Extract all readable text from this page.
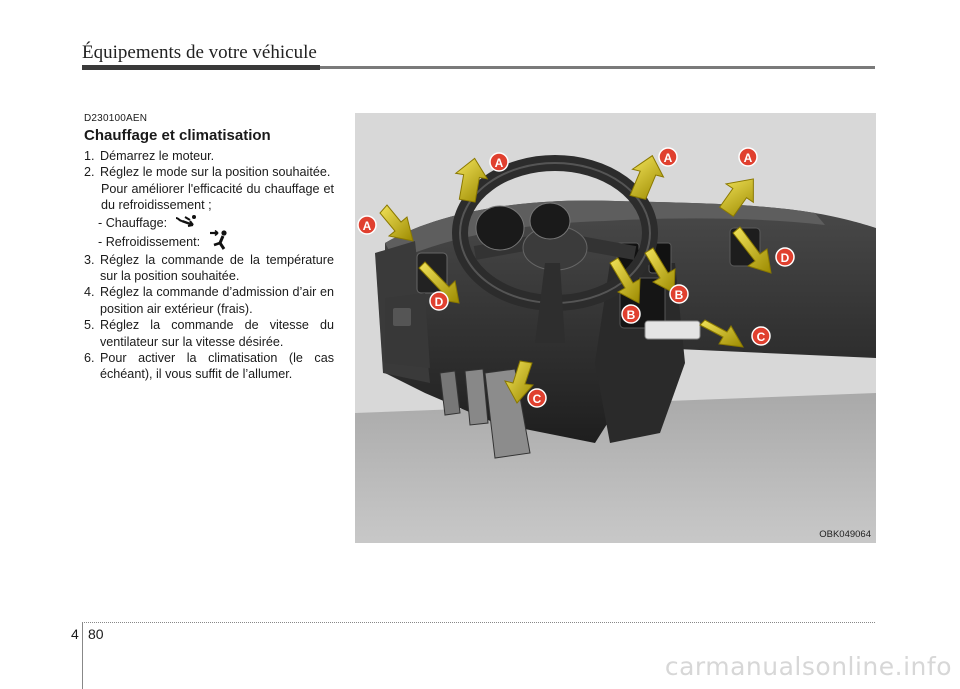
Équipements de votre véhicule
D230100AEN
Chauffage et climatisation
1. Démarrez le moteur.
2. Réglez le mode sur la position souhaitée.
Pour améliorer l'efficacité du chauffage et du refroidissement ;
- Chauffage:
- Refroidissement:
3. Réglez la commande de la température sur la position souhaitée.
4. Réglez la commande d’admission d’air en position air extérieur (frais).
5. Réglez la commande de vitesse du ventilateur sur la vitesse désirée.
6. Pour activer la climatisation (le cas échéant), il vous suffit de l’allumer.
A	A	A
A
D
D	B
B
C
C
OBK049064
4 80
carmanualsonline.info
